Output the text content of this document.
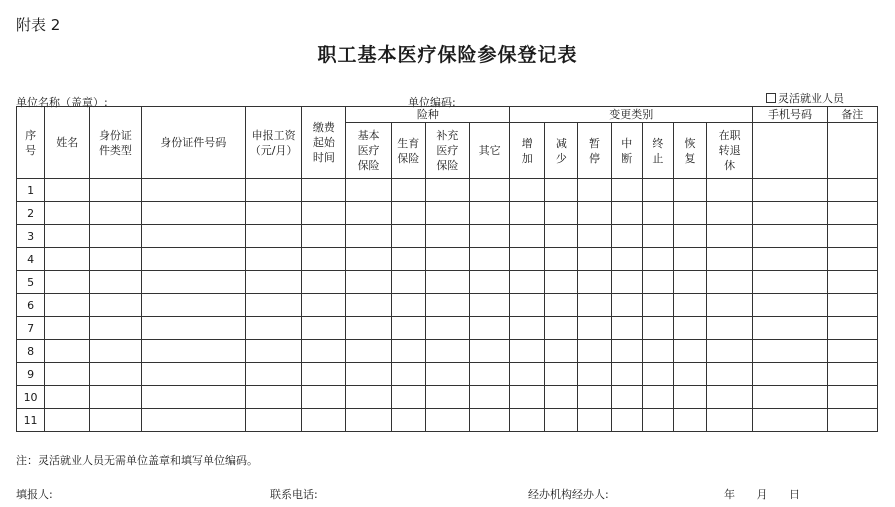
附表 2
职工基本医疗保险参保登记表
单位名称（盖章）:	单位编码:	灵活就业人员
序号	姓名	身份证件类型	身份证件号码	申报工资（元/月）	缴费起始时间	险种				变更类别							手机号码	备注
						基本医疗保险	生育保险	补充医疗保险	其它	增加	减少	暂停	中断	终止	恢复	在职转退休		
1																		
2																		
3																		
4																		
5																		
6																		
7																		
8																		
9																		
10																		
11																		
注：灵活就业人员无需单位盖章和填写单位编码。
填报人:	联系电话:	经办机构经办人:	年 月 日
